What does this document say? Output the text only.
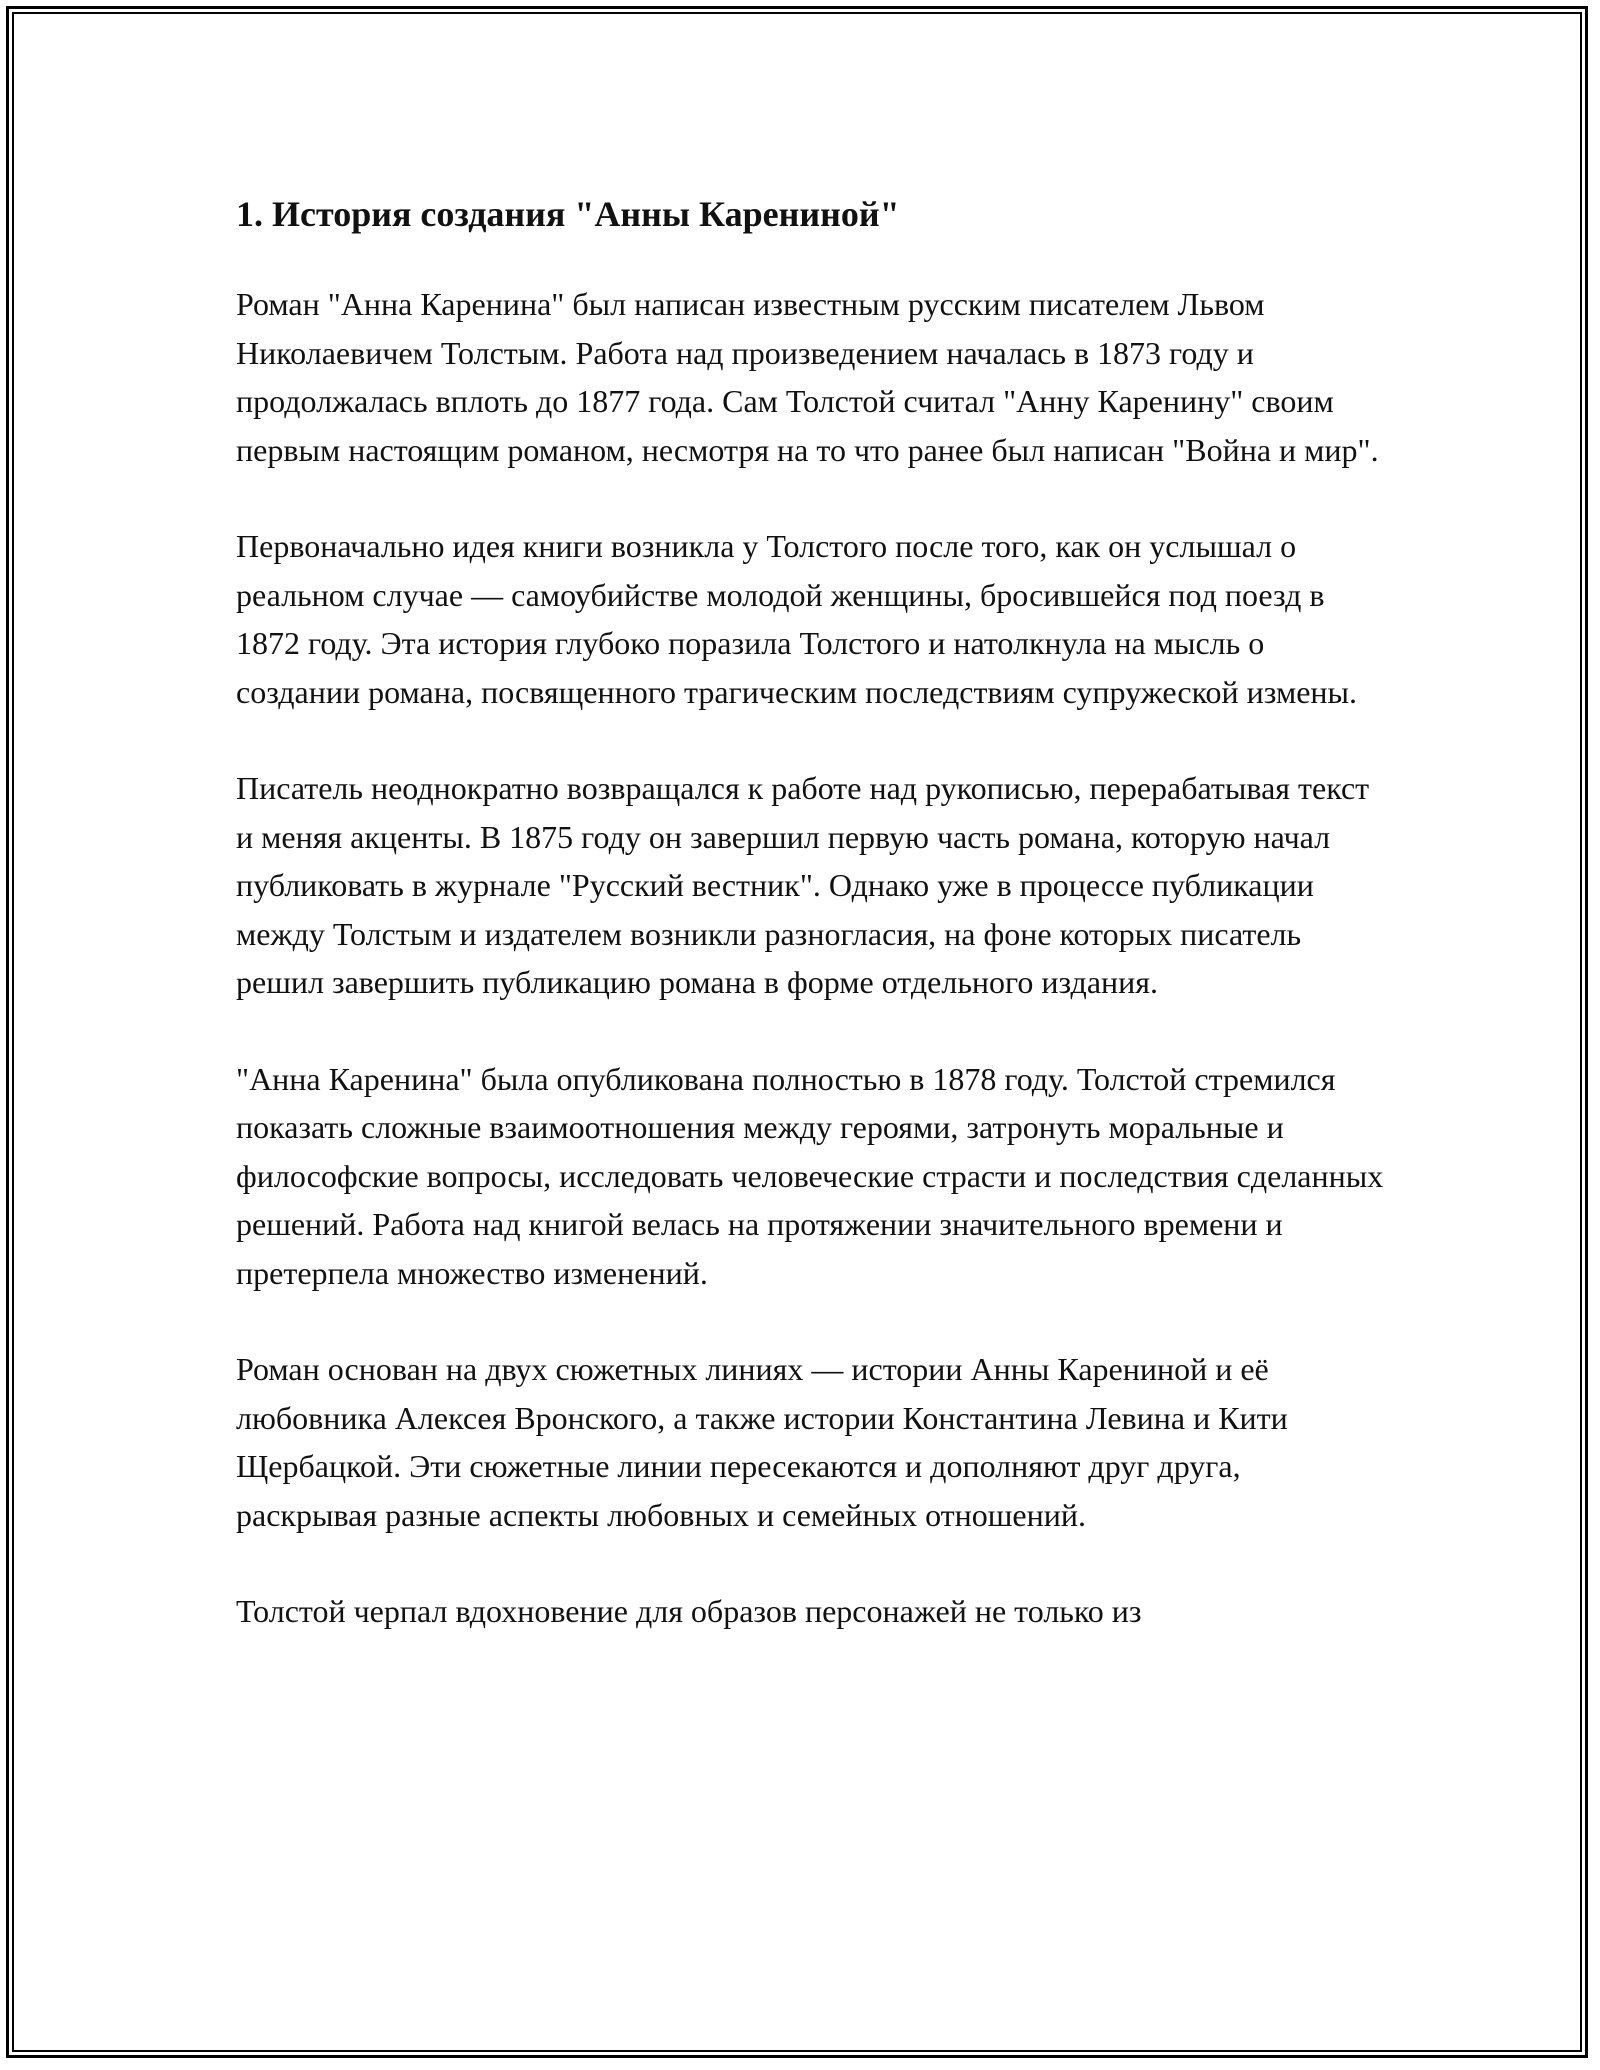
1. История создания "Анны Карениной"

Роман "Анна Каренина" был написан известным русским писателем Львом Николаевичем Толстым. Работа над произведением началась в 1873 году и продолжалась вплоть до 1877 года. Сам Толстой считал "Анну Каренину" своим первым настоящим романом, несмотря на то что ранее был написан "Война и мир".

Первоначально идея книги возникла у Толстого после того, как он услышал о реальном случае — самоубийстве молодой женщины, бросившейся под поезд в 1872 году. Эта история глубоко поразила Толстого и натолкнула на мысль о создании романа, посвященного трагическим последствиям супружеской измены.

Писатель неоднократно возвращался к работе над рукописью, перерабатывая текст и меняя акценты. В 1875 году он завершил первую часть романа, которую начал публиковать в журнале "Русский вестник". Однако уже в процессе публикации между Толстым и издателем возникли разногласия, на фоне которых писатель решил завершить публикацию романа в форме отдельного издания.

"Анна Каренина" была опубликована полностью в 1878 году. Толстой стремился показать сложные взаимоотношения между героями, затронуть моральные и философские вопросы, исследовать человеческие страсти и последствия сделанных решений. Работа над книгой велась на протяжении значительного времени и претерпела множество изменений.

Роман основан на двух сюжетных линиях — истории Анны Карениной и её любовника Алексея Вронского, а также истории Константина Левина и Кити Щербацкой. Эти сюжетные линии пересекаются и дополняют друг друга, раскрывая разные аспекты любовных и семейных отношений.

Толстой черпал вдохновение для образов персонажей не только из
